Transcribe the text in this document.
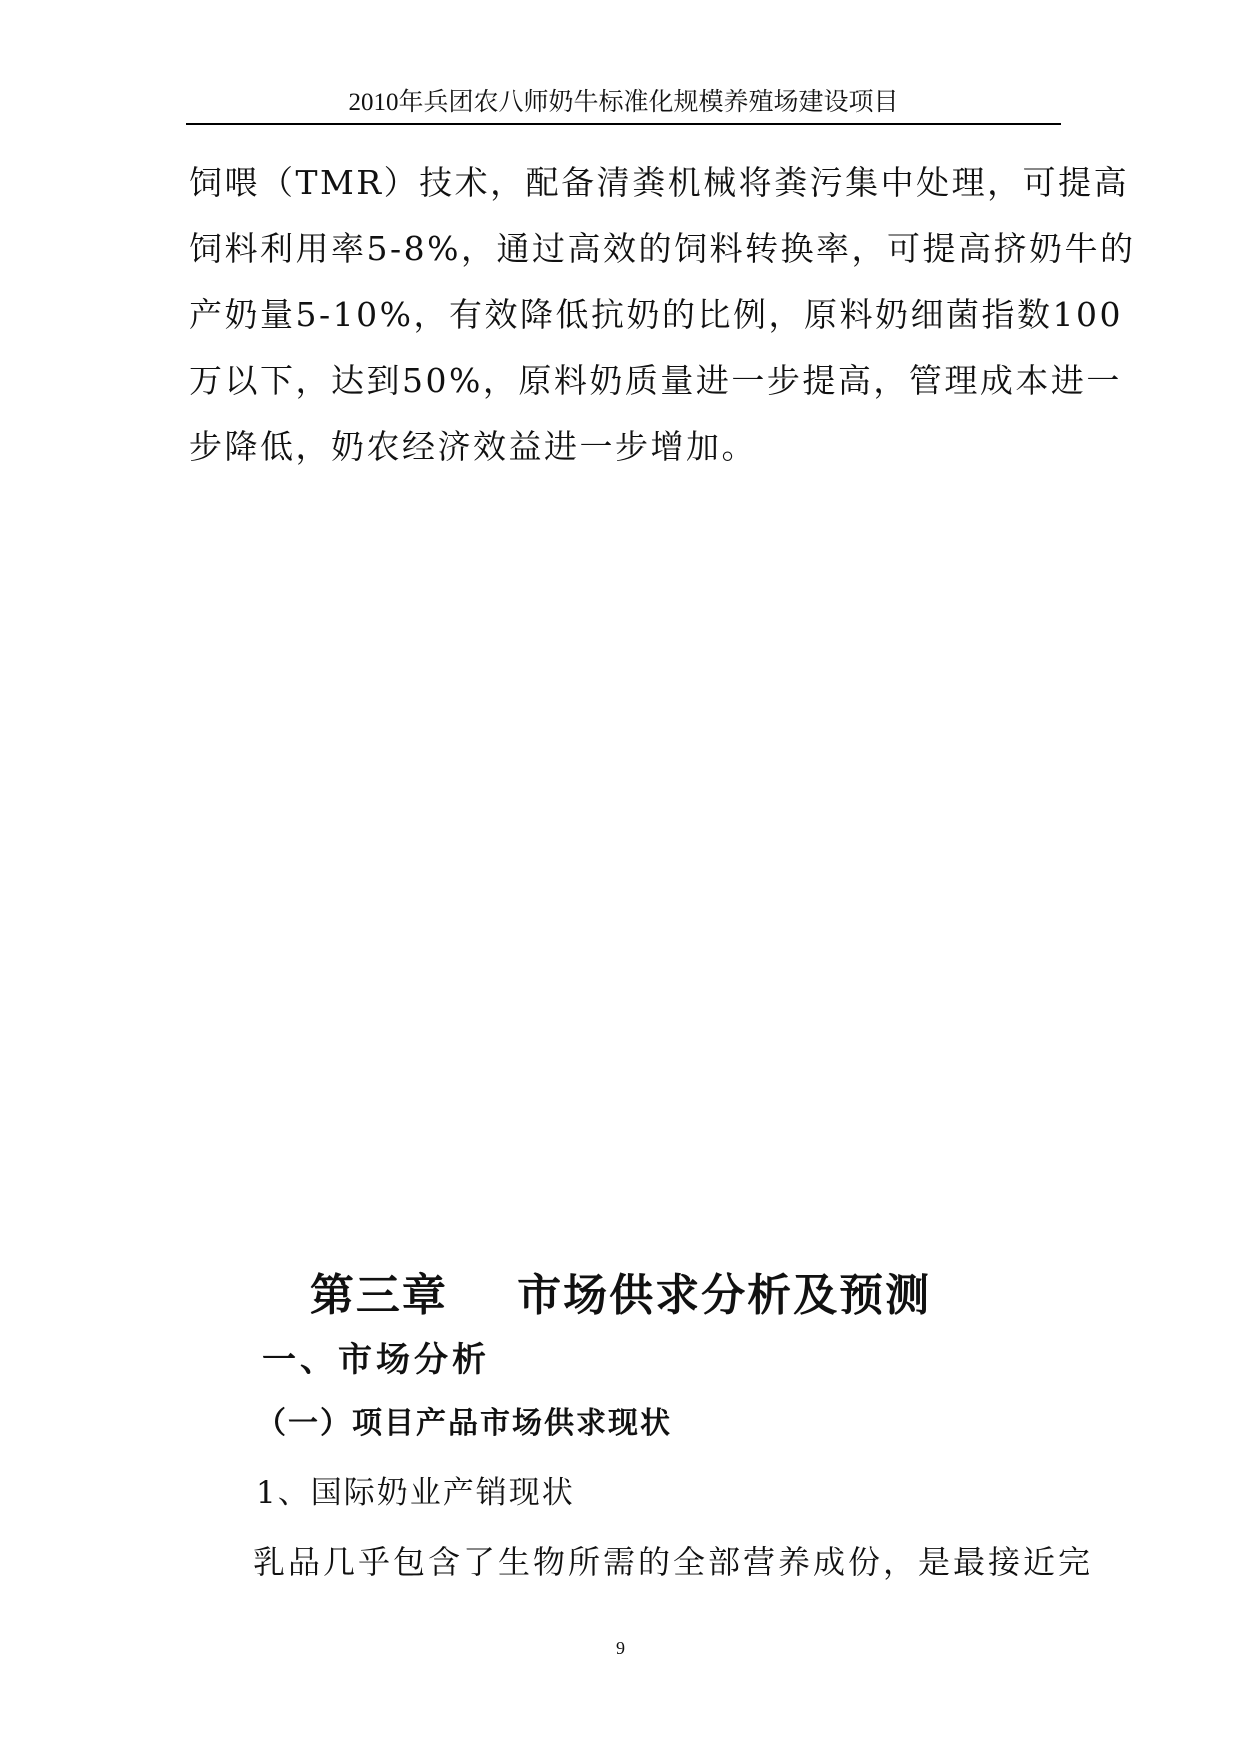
2010年兵团农八师奶牛标准化规模养殖场建设项目
饲喂（TMR）技术，配备清粪机械将粪污集中处理，可提高
饲料利用率5-8%，通过高效的饲料转换率，可提高挤奶牛的
产奶量5-10%，有效降低抗奶的比例，原料奶细菌指数100
万以下，达到50%，原料奶质量进一步提高，管理成本进一
步降低，奶农经济效益进一步增加。
第三章    市场供求分析及预测
一、市场分析
（一）项目产品市场供求现状
1、国际奶业产销现状
乳品几乎包含了生物所需的全部营养成份，是最接近完
9
